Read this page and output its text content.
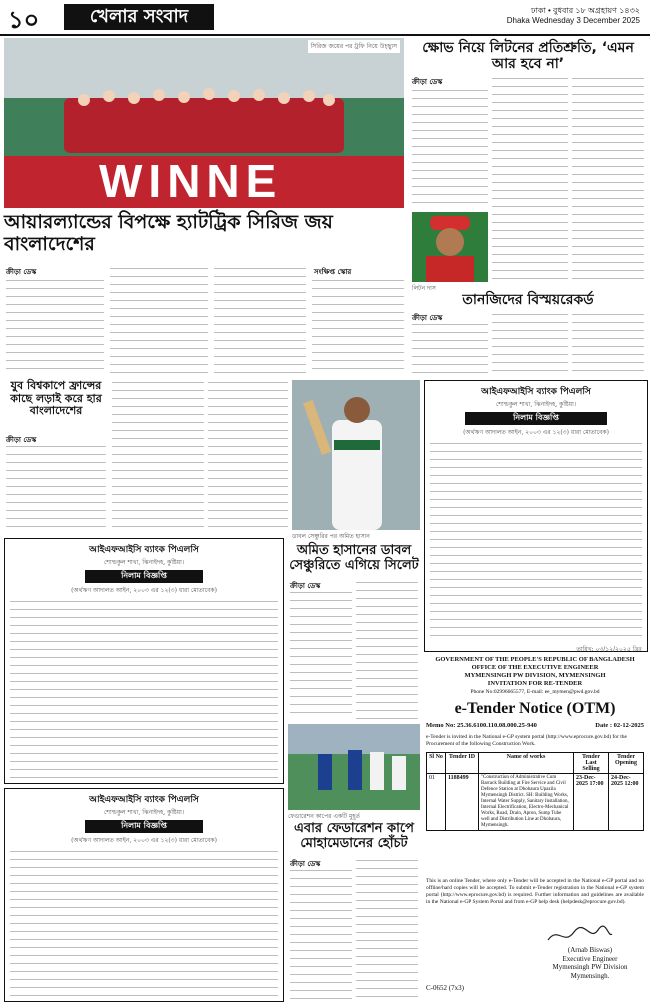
১০	খেলার সংবাদ	ঢাকা • বুধবার ১৮ অগ্রহায়ণ ১৪৩২
Dhaka Wednesday 3 December 2025
WINNE
সিরিজ জয়ের পর ট্রফি নিয়ে উচ্ছ্বাস
আয়ারল্যান্ডের বিপক্ষে হ্যাটট্রিক সিরিজ জয় বাংলাদেশের
ক্রীড়া ডেস্ক	সংক্ষিপ্ত স্কোর
ক্ষোভ নিয়ে লিটনের প্রতিশ্রুতি, ‘এমন আর হবে না’
ক্রীড়া ডেস্ক
লিটন দাস
তানজিদের বিস্ময়রেকর্ড
ক্রীড়া ডেস্ক
যুব বিশ্বকাপে ফ্রান্সের কাছে লড়াই করে হার বাংলাদেশের
ক্রীড়া ডেস্ক
ডাবল সেঞ্চুরির পর অমিত হাসান
আইএফআইসি ব্যাংক পিএলসি
শোল্ডকুল শাখা, ঝিনাইদহ, কুষ্টিয়া।
নিলাম বিজ্ঞপ্তি
(অর্থঋণ আদালত আইন, ২০০৩ এর ১২(৩) ধারা মোতাবেক)
তারিখ: ০৩/১২/২০২৫ খ্রিঃ
আইএফআইসি ব্যাংক পিএলসি
শোল্ডকুল শাখা, ঝিনাইদহ, কুষ্টিয়া।
নিলাম বিজ্ঞপ্তি
(অর্থঋণ আদালত আইন, ২০০৩ এর ১২(৩) ধারা মোতাবেক)
আইএফআইসি ব্যাংক পিএলসি
শোল্ডকুল শাখা, ঝিনাইদহ, কুষ্টিয়া।
নিলাম বিজ্ঞপ্তি
(অর্থঋণ আদালত আইন, ২০০৩ এর ১২(৩) ধারা মোতাবেক)
অমিত হাসানের ডাবল সেঞ্চুরিতে এগিয়ে সিলেট
ক্রীড়া ডেস্ক
ফেডারেশন কাপের একটি মুহূর্ত
এবার ফেডারেশন কাপে মোহামেডানের হোঁচট
ক্রীড়া ডেস্ক
GOVERNMENT OF THE PEOPLE'S REPUBLIC OF BANGLADESH
OFFICE OF THE EXECUTIVE ENGINEER
MYMENSINGH PW DIVISION, MYMENSINGH
INVITATION FOR RE-TENDER
Phone No:02996665577, E-mail: ee_mymen@pwd.gov.bd
e-Tender Notice (OTM)
Memo No: 25.36.6100.110.08.000.25-940	Date : 02-12-2025
e-Tender is invited in the National e-GP system portal (http://www.eprocure.gov.bd) for the Procurement of the following Construction Work.
Sl No	Tender ID	Name of works	Tender Last Selling	Tender Opening
01	1188499	"Construction of Administrative Cum Barrack Building at Fire Service and Civil Defence Station at Dhobaura Upazila Mymensingh District. SH: Building Works, Internal Water Supply, Sanitary Installation, Internal Electrification, Electro-Mechanical Works, Road, Drain, Apron, Sump Tube well and Distribution Line at Dhobaura, Mymensingh.	23-Dec-2025 17:00	24-Dec-2025 12:00
This is an online Tender, where only e-Tender will be accepted in the National e-GP portal and no offline/hard copies will be accepted. To submit e-Tender registration in the National e-GP system portal (http://www.eprocure.gov.bd) is required. Further information and guidelines are available in the National e-GP System Portal and from e-GP help desk (helpdesk@eprocure.gov.bd).
(Arnab Biswas)
Executive Engineer
Mymensingh PW Division
Mymensingh.
C-0652 (7x3)
